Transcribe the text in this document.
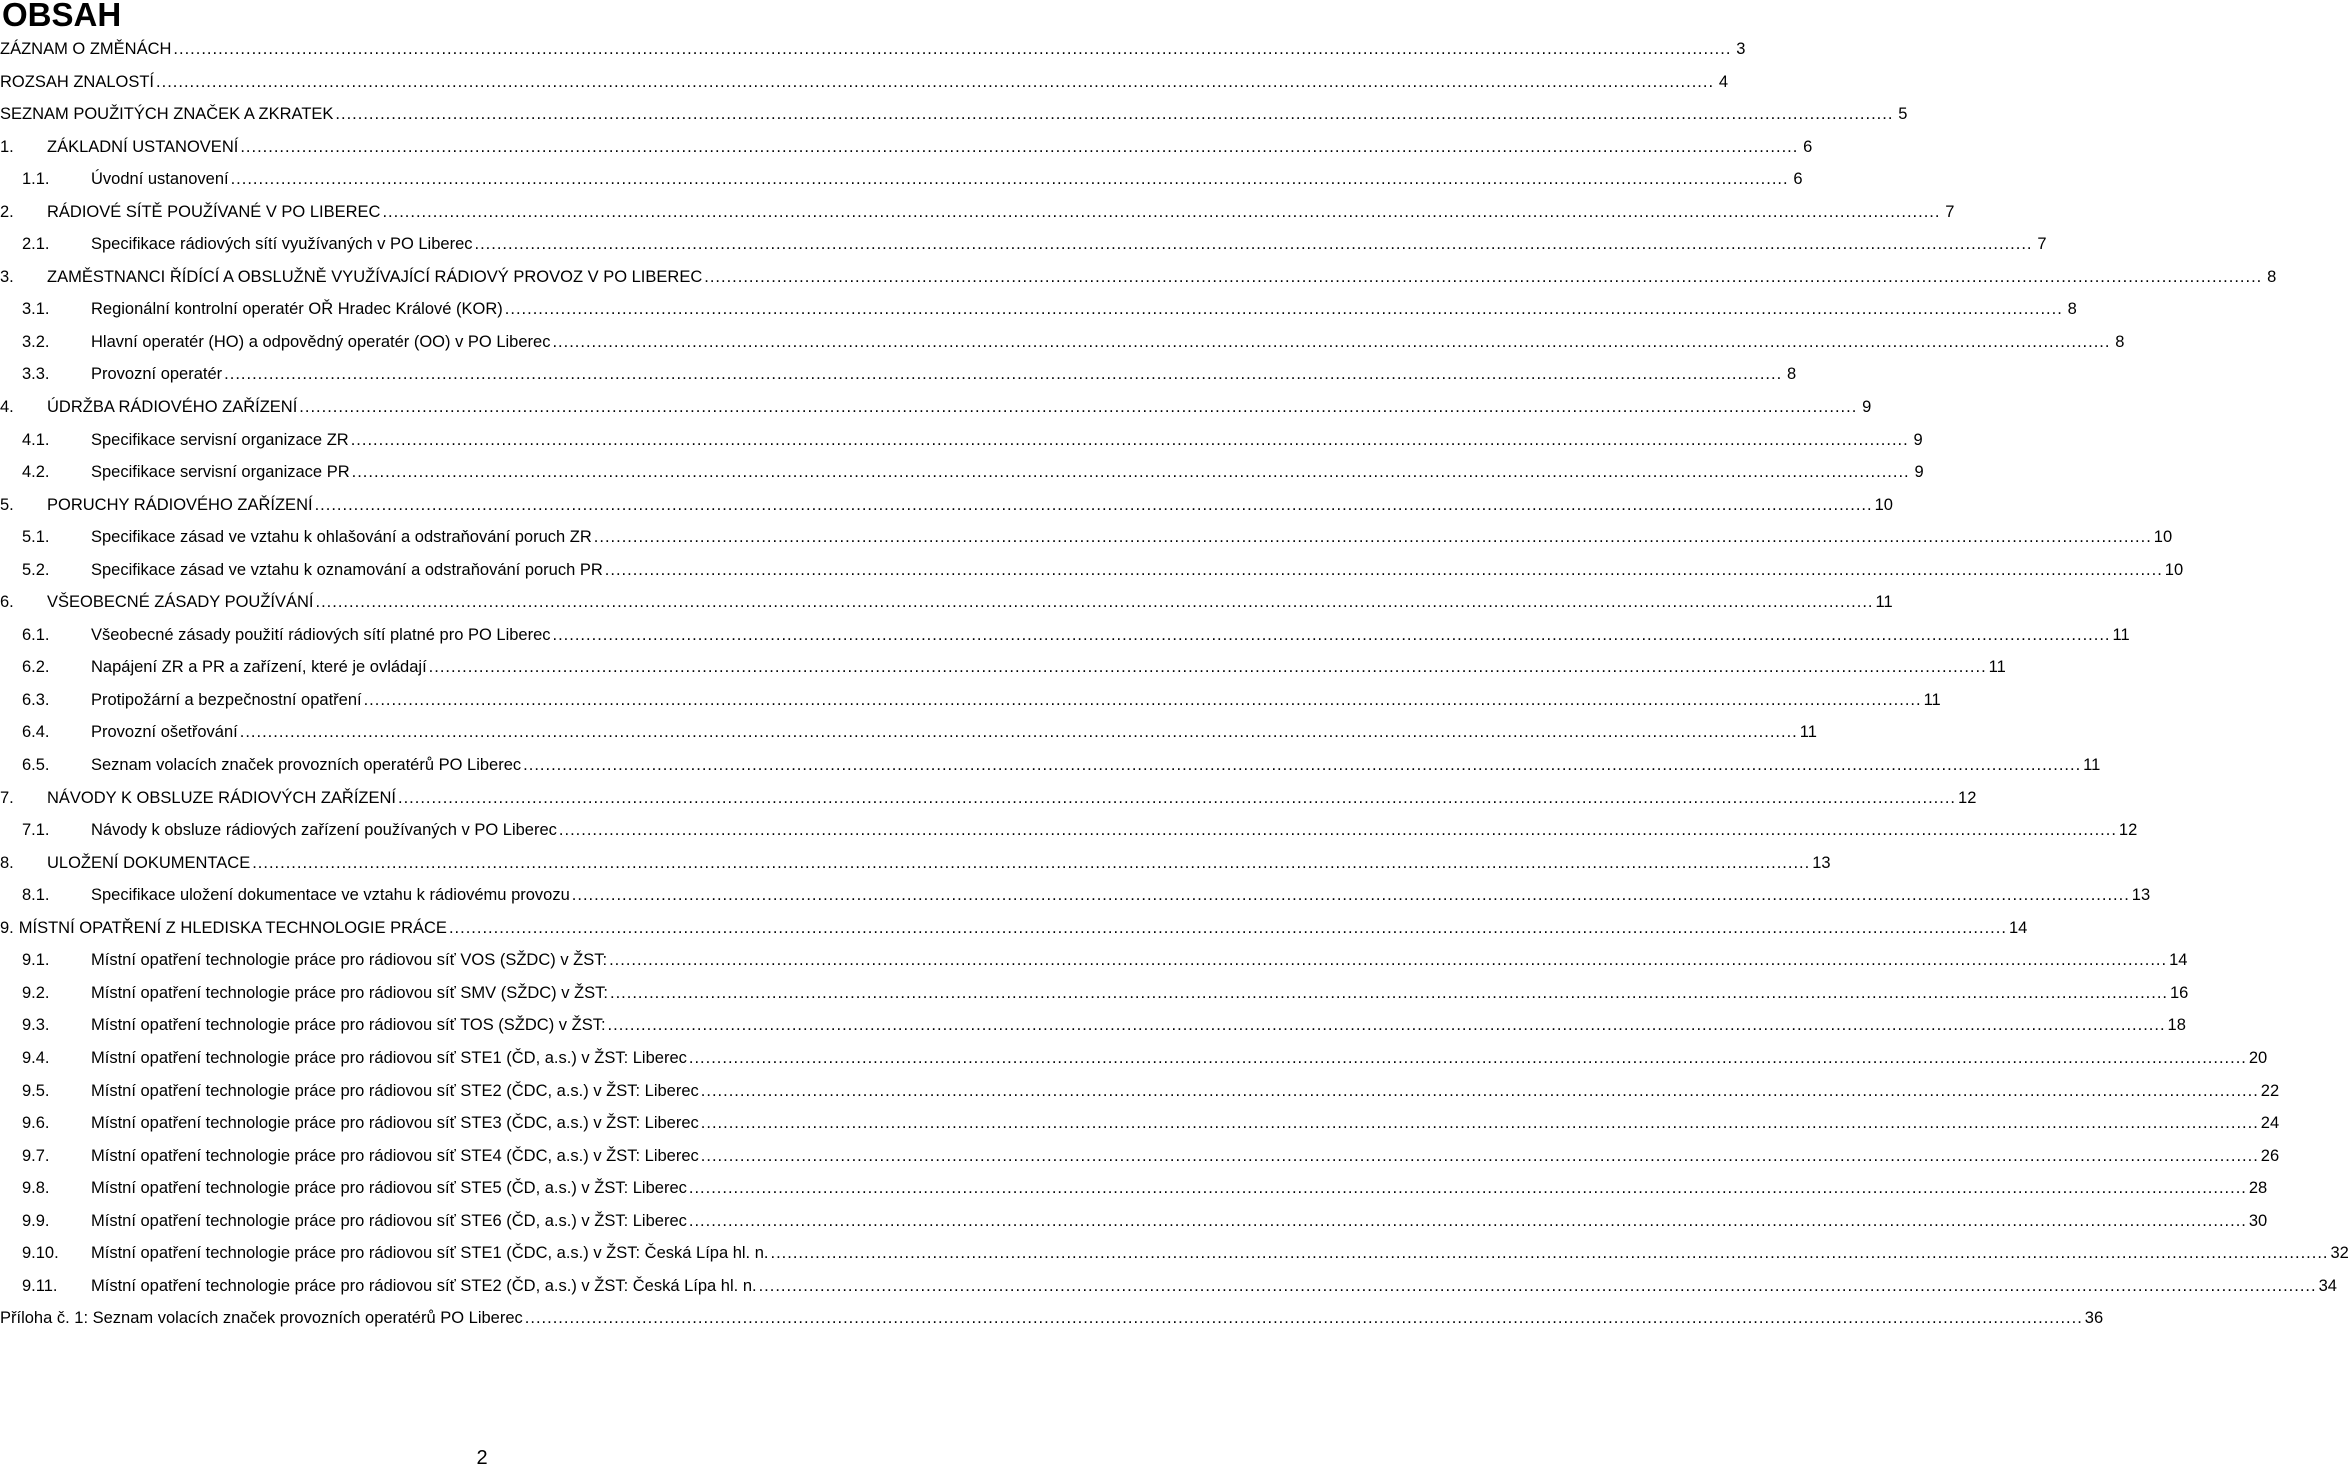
OBSAH
ZÁZNAM O ZMĚNÁCH .....	3
ROZSAH ZNALOSTÍ .....	4
SEZNAM POUŽITÝCH ZNAČEK A ZKRATEK .....	5
1.	ZÁKLADNÍ USTANOVENÍ .....	6
1.1.	Úvodní ustanovení .....	6
2.	RÁDIOVÉ SÍTĚ POUŽÍVANÉ V PO LIBEREC .....	7
2.1.	Specifikace rádiových sítí využívaných v PO Liberec .....	7
3.	ZAMĚSTNANCI ŘÍDÍCÍ A OBSLUŽNĚ VYUŽÍVAJÍCÍ RÁDIOVÝ PROVOZ V PO LIBEREC .....	8
3.1.	Regionální kontrolní operatér OŘ Hradec Králové (KOR) .....	8
3.2.	Hlavní operatér (HO) a odpovědný operatér (OO) v PO Liberec .....	8
3.3.	Provozní operatér .....	8
4.	ÚDRŽBA RÁDIOVÉHO ZAŘÍZENÍ .....	9
4.1.	Specifikace servisní organizace ZR .....	9
4.2.	Specifikace servisní organizace PR .....	9
5.	PORUCHY RÁDIOVÉHO ZAŘÍZENÍ .....	10
5.1.	Specifikace zásad ve vztahu k ohlašování a odstraňování poruch ZR .....	10
5.2.	Specifikace zásad ve vztahu k oznamování a odstraňování poruch PR .....	10
6.	VŠEOBECNÉ ZÁSADY POUŽÍVÁNÍ .....	11
6.1.	Všeobecné zásady použití rádiových sítí platné pro PO Liberec .....	11
6.2.	Napájení ZR a PR a zařízení, které je ovládají .....	11
6.3.	Protipožární a bezpečnostní opatření .....	11
6.4.	Provozní ošetřování .....	11
6.5.	Seznam volacích značek provozních operatérů PO Liberec .....	11
7.	NÁVODY K OBSLUZE RÁDIOVÝCH ZAŘÍZENÍ .....	12
7.1.	Návody k obsluze rádiových zařízení používaných v PO Liberec .....	12
8.	ULOŽENÍ DOKUMENTACE .....	13
8.1.	Specifikace uložení dokumentace ve vztahu k rádiovému provozu .....	13
9. MÍSTNÍ OPATŘENÍ Z HLEDISKA TECHNOLOGIE PRÁCE .....	14
9.1.	Místní opatření technologie práce pro rádiovou síť VOS (SŽDC) v ŽST: .....	14
9.2.	Místní opatření technologie práce pro rádiovou síť SMV (SŽDC) v ŽST: .....	16
9.3.	Místní opatření technologie práce pro rádiovou síť TOS (SŽDC) v ŽST: .....	18
9.4.	Místní opatření technologie práce pro rádiovou síť STE1 (ČD, a.s.) v ŽST: Liberec .....	20
9.5.	Místní opatření technologie práce pro rádiovou síť STE2 (ČDC, a.s.) v ŽST: Liberec .....	22
9.6.	Místní opatření technologie práce pro rádiovou síť STE3 (ČDC, a.s.) v ŽST: Liberec .....	24
9.7.	Místní opatření technologie práce pro rádiovou síť STE4 (ČDC, a.s.) v ŽST: Liberec .....	26
9.8.	Místní opatření technologie práce pro rádiovou síť STE5 (ČD, a.s.) v ŽST: Liberec .....	28
9.9.	Místní opatření technologie práce pro rádiovou síť STE6 (ČD, a.s.) v ŽST: Liberec .....	30
9.10.	Místní opatření technologie práce pro rádiovou síť STE1 (ČDC, a.s.) v ŽST: Česká Lípa hl. n. .....	32
9.11.	Místní opatření technologie práce pro rádiovou síť STE2 (ČD, a.s.) v ŽST: Česká Lípa hl. n. .....	34
Příloha č. 1: Seznam volacích značek provozních operatérů PO Liberec .....	36
2
